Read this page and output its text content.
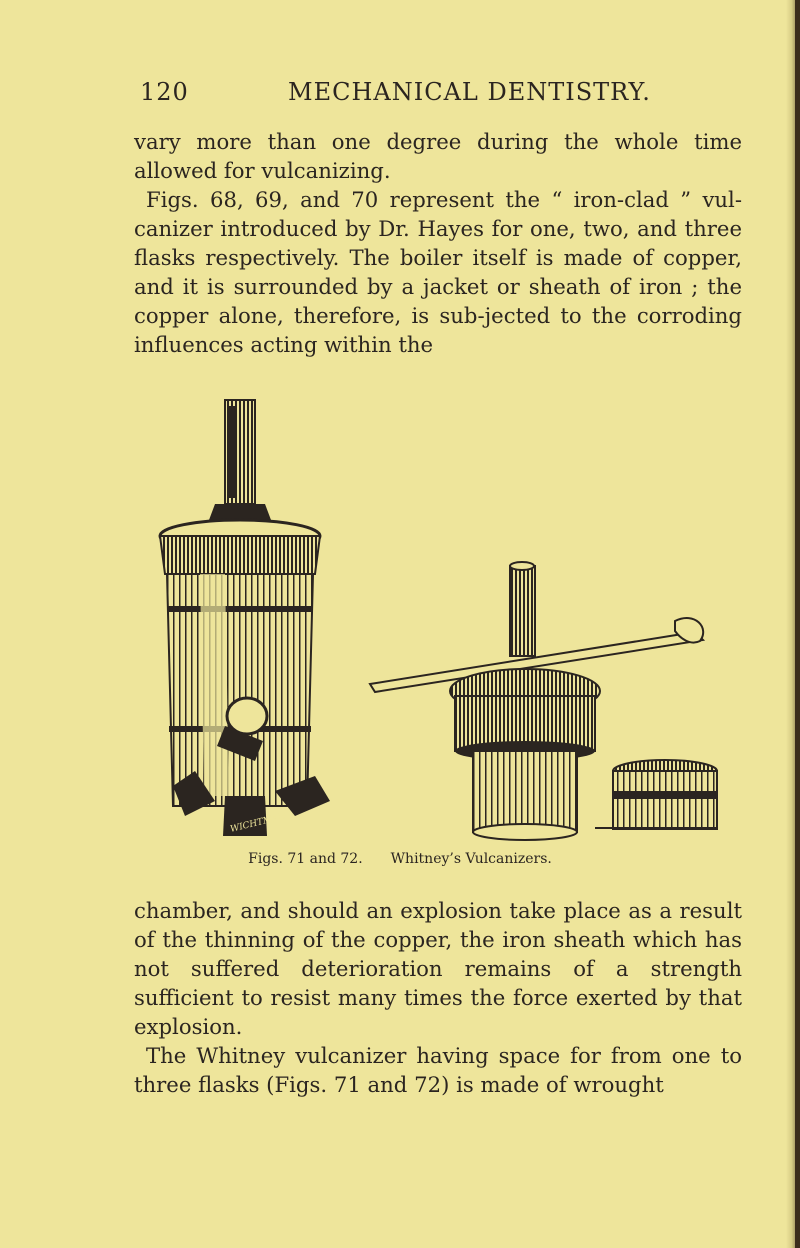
120	MECHANICAL DENTISTRY.

vary more than one degree during the whole time allowed for vulcanizing.

Figs. 68, 69, and 70 represent the “ iron-clad ” vul-canizer introduced by Dr. Hayes for one, two, and three flasks respectively. The boiler itself is made of copper, and it is surrounded by a jacket or sheath of iron ; the copper alone, therefore, is sub-jected to the corroding influences acting within the

WICHTMAN
Figs. 71 and 72. Whitney’s Vulcanizers.

chamber, and should an explosion take place as a result of the thinning of the copper, the iron sheath which has not suffered deterioration remains of a strength sufficient to resist many times the force exerted by that explosion.

The Whitney vulcanizer having space for from one to three flasks (Figs. 71 and 72) is made of wrought
